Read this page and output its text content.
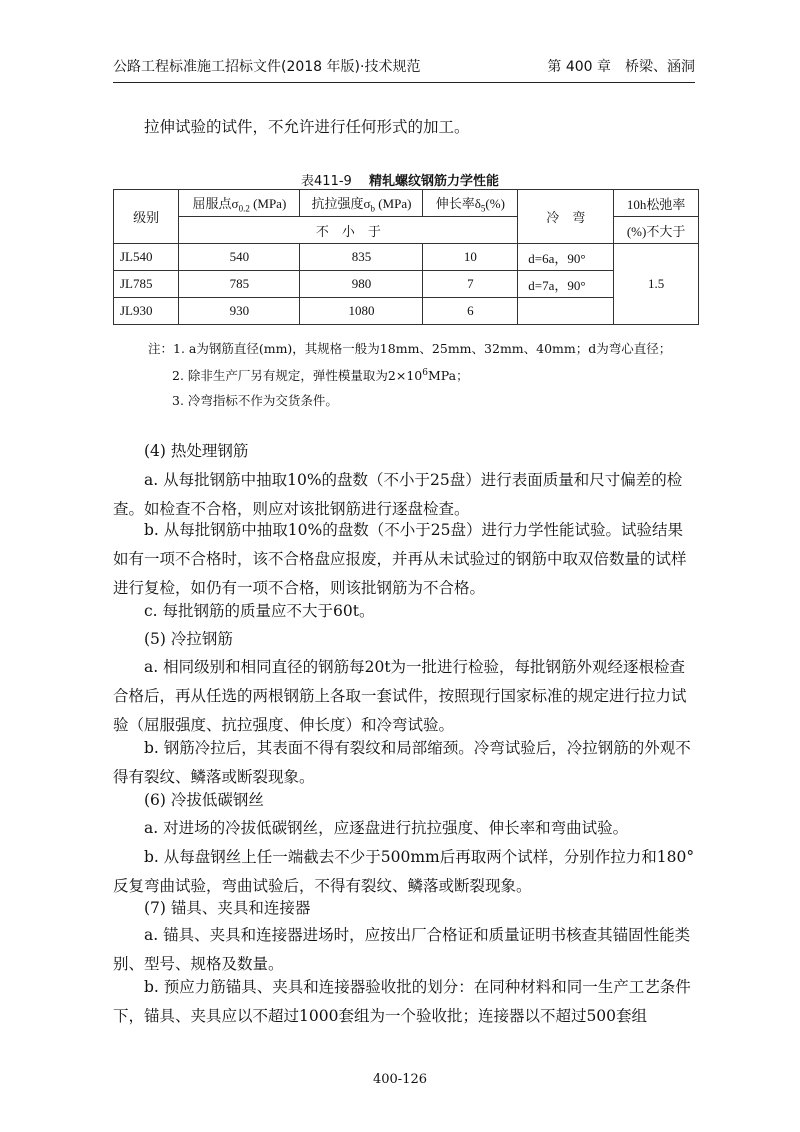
公路工程标准施工招标文件(2018 年版)·技术规范	第 400 章　桥梁、涵洞
拉伸试验的试件，不允许进行任何形式的加工。
表411-9　 精轧螺纹钢筋力学性能
级别	屈服点$\sigma_{0.2}$ (MPa)	抗拉强度$\sigma_b$ (MPa)	伸长率$\delta_5(\%)$	冷　弯	10h松弛率
	不　小　于				(%)不大于
JL540	540	835	10	d=6a，90°	1.5
JL785	785	980	7	d=7a，90°	
JL930	930	1080	6		
注：1. a为钢筋直径(mm)，其规格一般为18mm、25mm、32mm、40mm；d为弯心直径；
2. 除非生产厂另有规定，弹性模量取为$2\times 10^6MPa$；
3. 冷弯指标不作为交货条件。
(4) 热处理钢筋
a. 从每批钢筋中抽取10%的盘数（不小于25盘）进行表面质量和尺寸偏差的检查。如检查不合格，则应对该批钢筋进行逐盘检查。
b. 从每批钢筋中抽取10%的盘数（不小于25盘）进行力学性能试验。试验结果如有一项不合格时，该不合格盘应报废，并再从未试验过的钢筋中取双倍数量的试样进行复检，如仍有一项不合格，则该批钢筋为不合格。
c. 每批钢筋的质量应不大于60t。
(5) 冷拉钢筋
a. 相同级别和相同直径的钢筋每20t为一批进行检验，每批钢筋外观经逐根检查合格后，再从任选的两根钢筋上各取一套试件，按照现行国家标准的规定进行拉力试验（屈服强度、抗拉强度、伸长度）和冷弯试验。
b. 钢筋冷拉后，其表面不得有裂纹和局部缩颈。冷弯试验后，冷拉钢筋的外观不得有裂纹、鳞落或断裂现象。
(6) 冷拔低碳钢丝
a. 对进场的冷拔低碳钢丝，应逐盘进行抗拉强度、伸长率和弯曲试验。
b. 从每盘钢丝上任一端截去不少于500mm后再取两个试样，分别作拉力和180°反复弯曲试验，弯曲试验后，不得有裂纹、鳞落或断裂现象。
(7) 锚具、夹具和连接器
a. 锚具、夹具和连接器进场时，应按出厂合格证和质量证明书核查其锚固性能类别、型号、规格及数量。
b. 预应力筋锚具、夹具和连接器验收批的划分：在同种材料和同一生产工艺条件下，锚具、夹具应以不超过1000套组为一个验收批；连接器以不超过500套组
400-126
